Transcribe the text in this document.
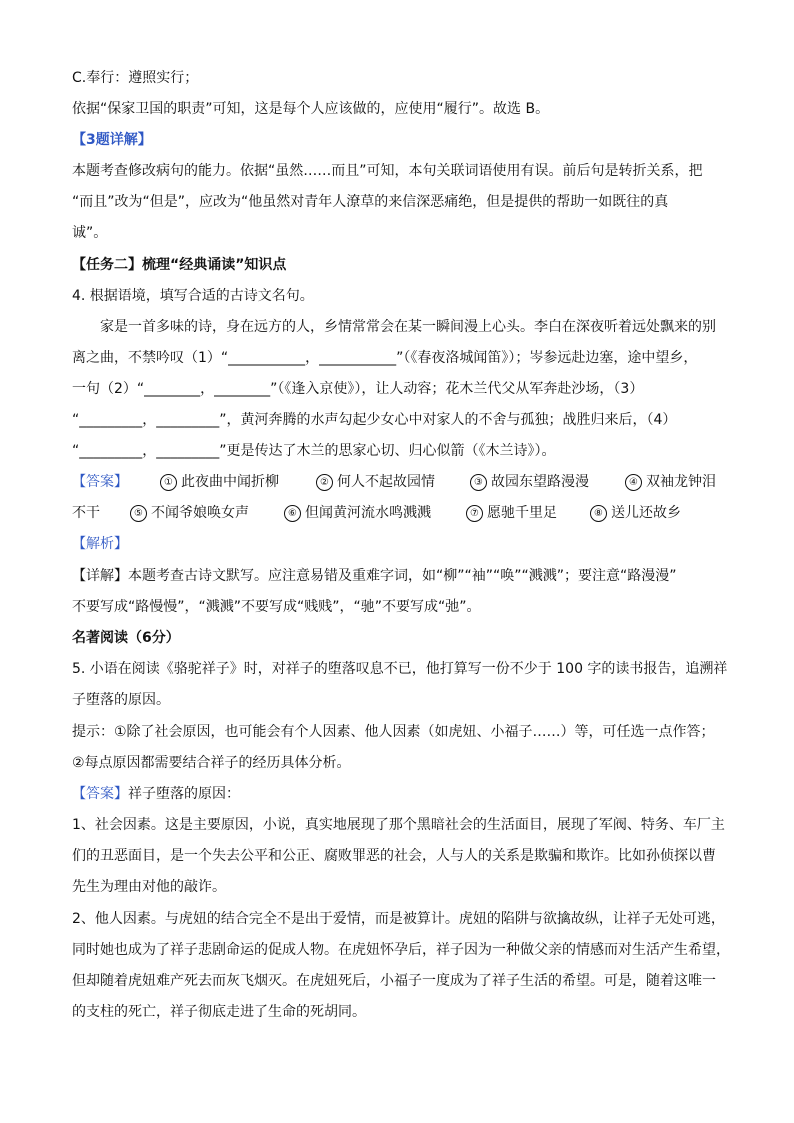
C.奉行：遵照实行；
依据“保家卫国的职责”可知，这是每个人应该做的，应使用“履行”。故选 B。
【3题详解】
本题考查修改病句的能力。依据“虽然……而且”可知，本句关联词语使用有误。前后句是转折关系，把
“而且”改为“但是”，应改为“他虽然对青年人潦草的来信深恶痛绝，但是提供的帮助一如既往的真
诚”。
【任务二】梳理“经典诵读”知识点
4. 根据语境，填写合适的古诗文名句。
家是一首多味的诗，身在远方的人，乡情常常会在某一瞬间漫上心头。李白在深夜听着远处飘来的别
离之曲，不禁吟叹（1）“___________，___________”（《春夜洛城闻笛》）；岑参远赴边塞，途中望乡，
一句（2）“________，________”（《逢入京使》），让人动容；花木兰代父从军奔赴沙场，（3）
“_________，_________”，黄河奔腾的水声勾起少女心中对家人的不舍与孤独；战胜归来后，（4）
“_________，_________”更是传达了木兰的思家心切、归心似箭（《木兰诗》）。
【答案】	① 此夜曲中闻折柳	② 何人不起故园情	③ 故园东望路漫漫	④ 双袖龙钟泪
不干	⑤ 不闻爷娘唤女声	⑥ 但闻黄河流水鸣溅溅	⑦ 愿驰千里足	⑧ 送儿还故乡
【解析】
【详解】本题考查古诗文默写。应注意易错及重难字词，如“柳”“袖”“唤”“溅溅”；要注意“路漫漫”
不要写成“路慢慢”，“溅溅”不要写成“贱贱”，“驰”不要写成“弛”。
名著阅读（6分）
5. 小语在阅读《骆驼祥子》时，对祥子的堕落叹息不已，他打算写一份不少于 100 字的读书报告，追溯祥
子堕落的原因。
提示：①除了社会原因，也可能会有个人因素、他人因素（如虎妞、小福子……）等，可任选一点作答；
②每点原因都需要结合祥子的经历具体分析。
【答案】祥子堕落的原因：
1、社会因素。这是主要原因，小说，真实地展现了那个黑暗社会的生活面目，展现了军阀、特务、车厂主
们的丑恶面目，是一个失去公平和公正、腐败罪恶的社会，人与人的关系是欺骗和欺诈。比如孙侦探以曹
先生为理由对他的敲诈。
2、他人因素。与虎妞的结合完全不是出于爱情，而是被算计。虎妞的陷阱与欲擒故纵，让祥子无处可逃，
同时她也成为了祥子悲剧命运的促成人物。在虎妞怀孕后，祥子因为一种做父亲的情感而对生活产生希望，
但却随着虎妞难产死去而灰飞烟灭。在虎妞死后，小福子一度成为了祥子生活的希望。可是，随着这唯一
的支柱的死亡，祥子彻底走进了生命的死胡同。
